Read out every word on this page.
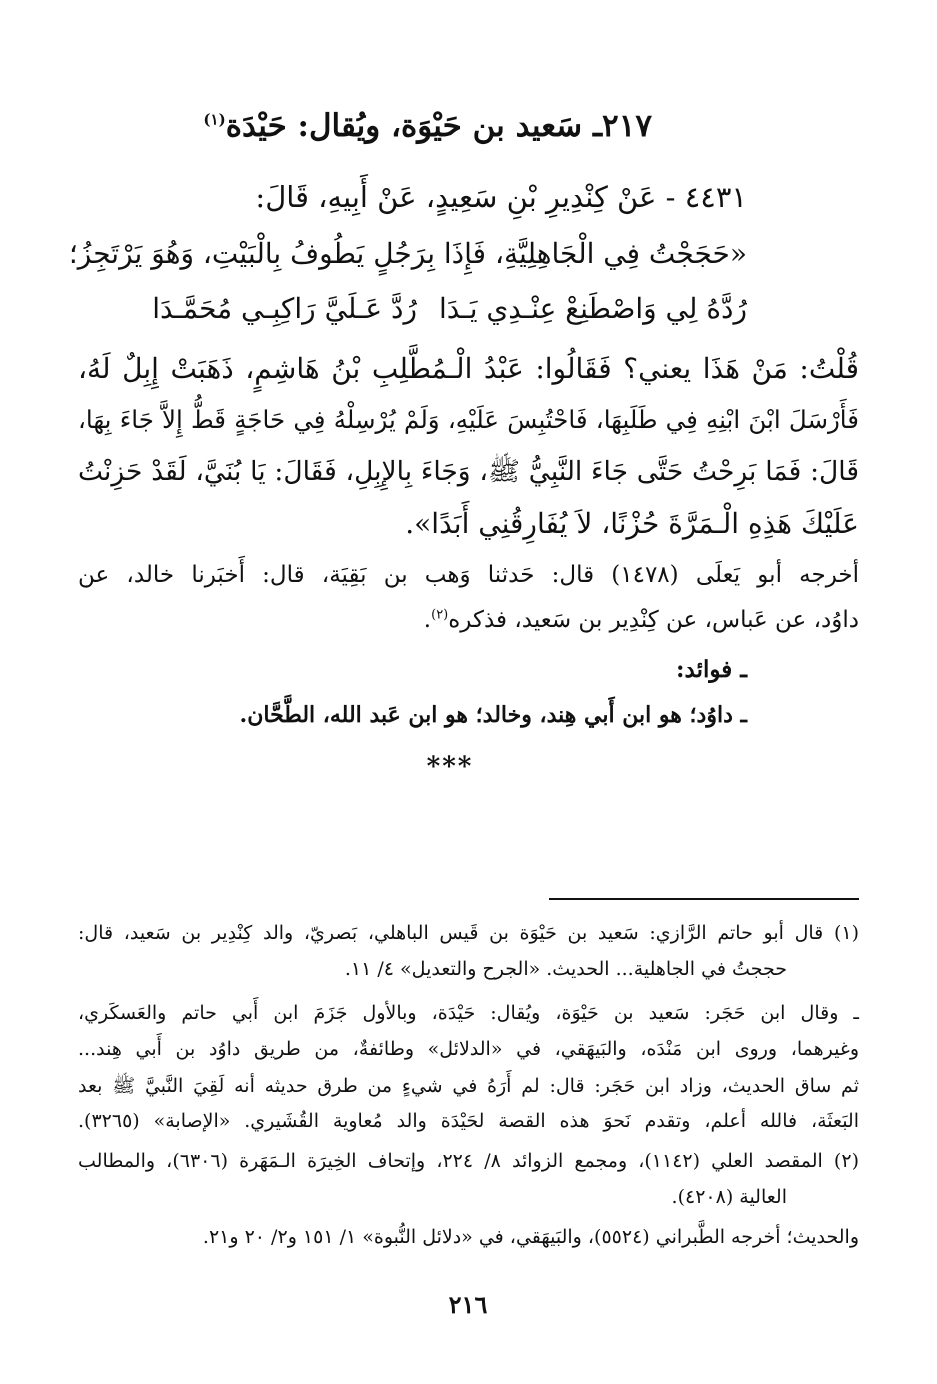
٢١٧ـ سَعيد بن حَيْوَة، ويُقال: حَيْدَة$^{(١)}$
٤٤٣١ - عَنْ كِنْدِيرِ بْنِ سَعِيدٍ، عَنْ أَبِيهِ، قَالَ:
«حَجَجْتُ فِي الْجَاهِلِيَّةِ، فَإِذَا بِرَجُلٍ يَطُوفُ بِالْبَيْتِ، وَهُوَ يَرْتَجِزُ؛
رُدَّهُ لِي وَاصْطَنِعْ عِنْـدِي يَـدَا
رُدَّ عَـلَيَّ رَاكِبِـي مُحَمَّـدَا
قُلْتُ: مَنْ هَذَا يعني؟ فَقَالُوا: عَبْدُ الْـمُطَّلِبِ بْنُ هَاشِمٍ، ذَهَبَتْ إِبِلٌ لَهُ،
فَأَرْسَلَ ابْنَ ابْنِهِ فِي طَلَبِهَا، فَاحْتُبِسَ عَلَيْهِ، وَلَمْ يُرْسِلْهُ فِي حَاجَةٍ قَطُّ إِلاَّ جَاءَ بِهَا،
قَالَ: فَمَا بَرِحْتُ حَتَّى جَاءَ النَّبِيُّ ﷺ، وَجَاءَ بِالإِبِلِ، فَقَالَ: يَا بُنَيَّ، لَقَدْ حَزِنْتُ
عَلَيْكَ هَذِهِ الْـمَرَّةَ حُزْنًا، لاَ يُفَارِقُنِي أَبَدًا».
أخرجه أبو يَعلَى (١٤٧٨) قال: حَدثنا وَهب بن بَقِيَة، قال: أَخبَرنا خالد، عن
داوُد، عن عَباس، عن كِنْدِير بن سَعيد، فذكره$^{(٢)}$.
ـ فوائد:
ـ داوُد؛ هو ابن أَبي هِند، وخالد؛ هو ابن عَبد الله، الطَّحَّان.
***
(١) قال أبو حاتم الرَّازي: سَعيد بن حَيْوَة بن قَيس الباهلي، بَصريّ، والد كِنْدِير بن سَعيد، قال:
حججتُ في الجاهلية... الحديث. «الجرح والتعديل» ٤/ ١١.
ـ وقال ابن حَجَر: سَعيد بن حَيْوَة، ويُقال: حَيْدَة، وبالأول جَزَمَ ابن أَبي حاتم والعَسكَري،
وغيرهما، وروى ابن مَنْدَه، والبَيهَقي، في «الدلائل» وطائفةٌ، من طريق داوُد بن أَبي هِند...
ثم ساق الحديث، وزاد ابن حَجَر: قال: لم أَرَهُ في شيءٍ من طرق حديثه أنه لَقِيَ النَّبيَّ ﷺ بعد
البَعثَة، فالله أعلم، وتقدم نَحوَ هذه القصة لحَيْدَة والد مُعاوية القُشَيري. «الإصابة» (٣٢٦٥).
(٢) المقصد العلي (١١٤٢)، ومجمع الزوائد ٨/ ٢٢٤، وإتحاف الخِيرَة الـمَهَرة (٦٣٠٦)، والمطالب
العالية (٤٢٠٨).
والحديث؛ أخرجه الطَّبراني (٥٥٢٤)، والبَيهَقي، في «دلائل النُّبوة» ١/ ١٥١ و٢/ ٢٠ و٢١.
٢١٦
